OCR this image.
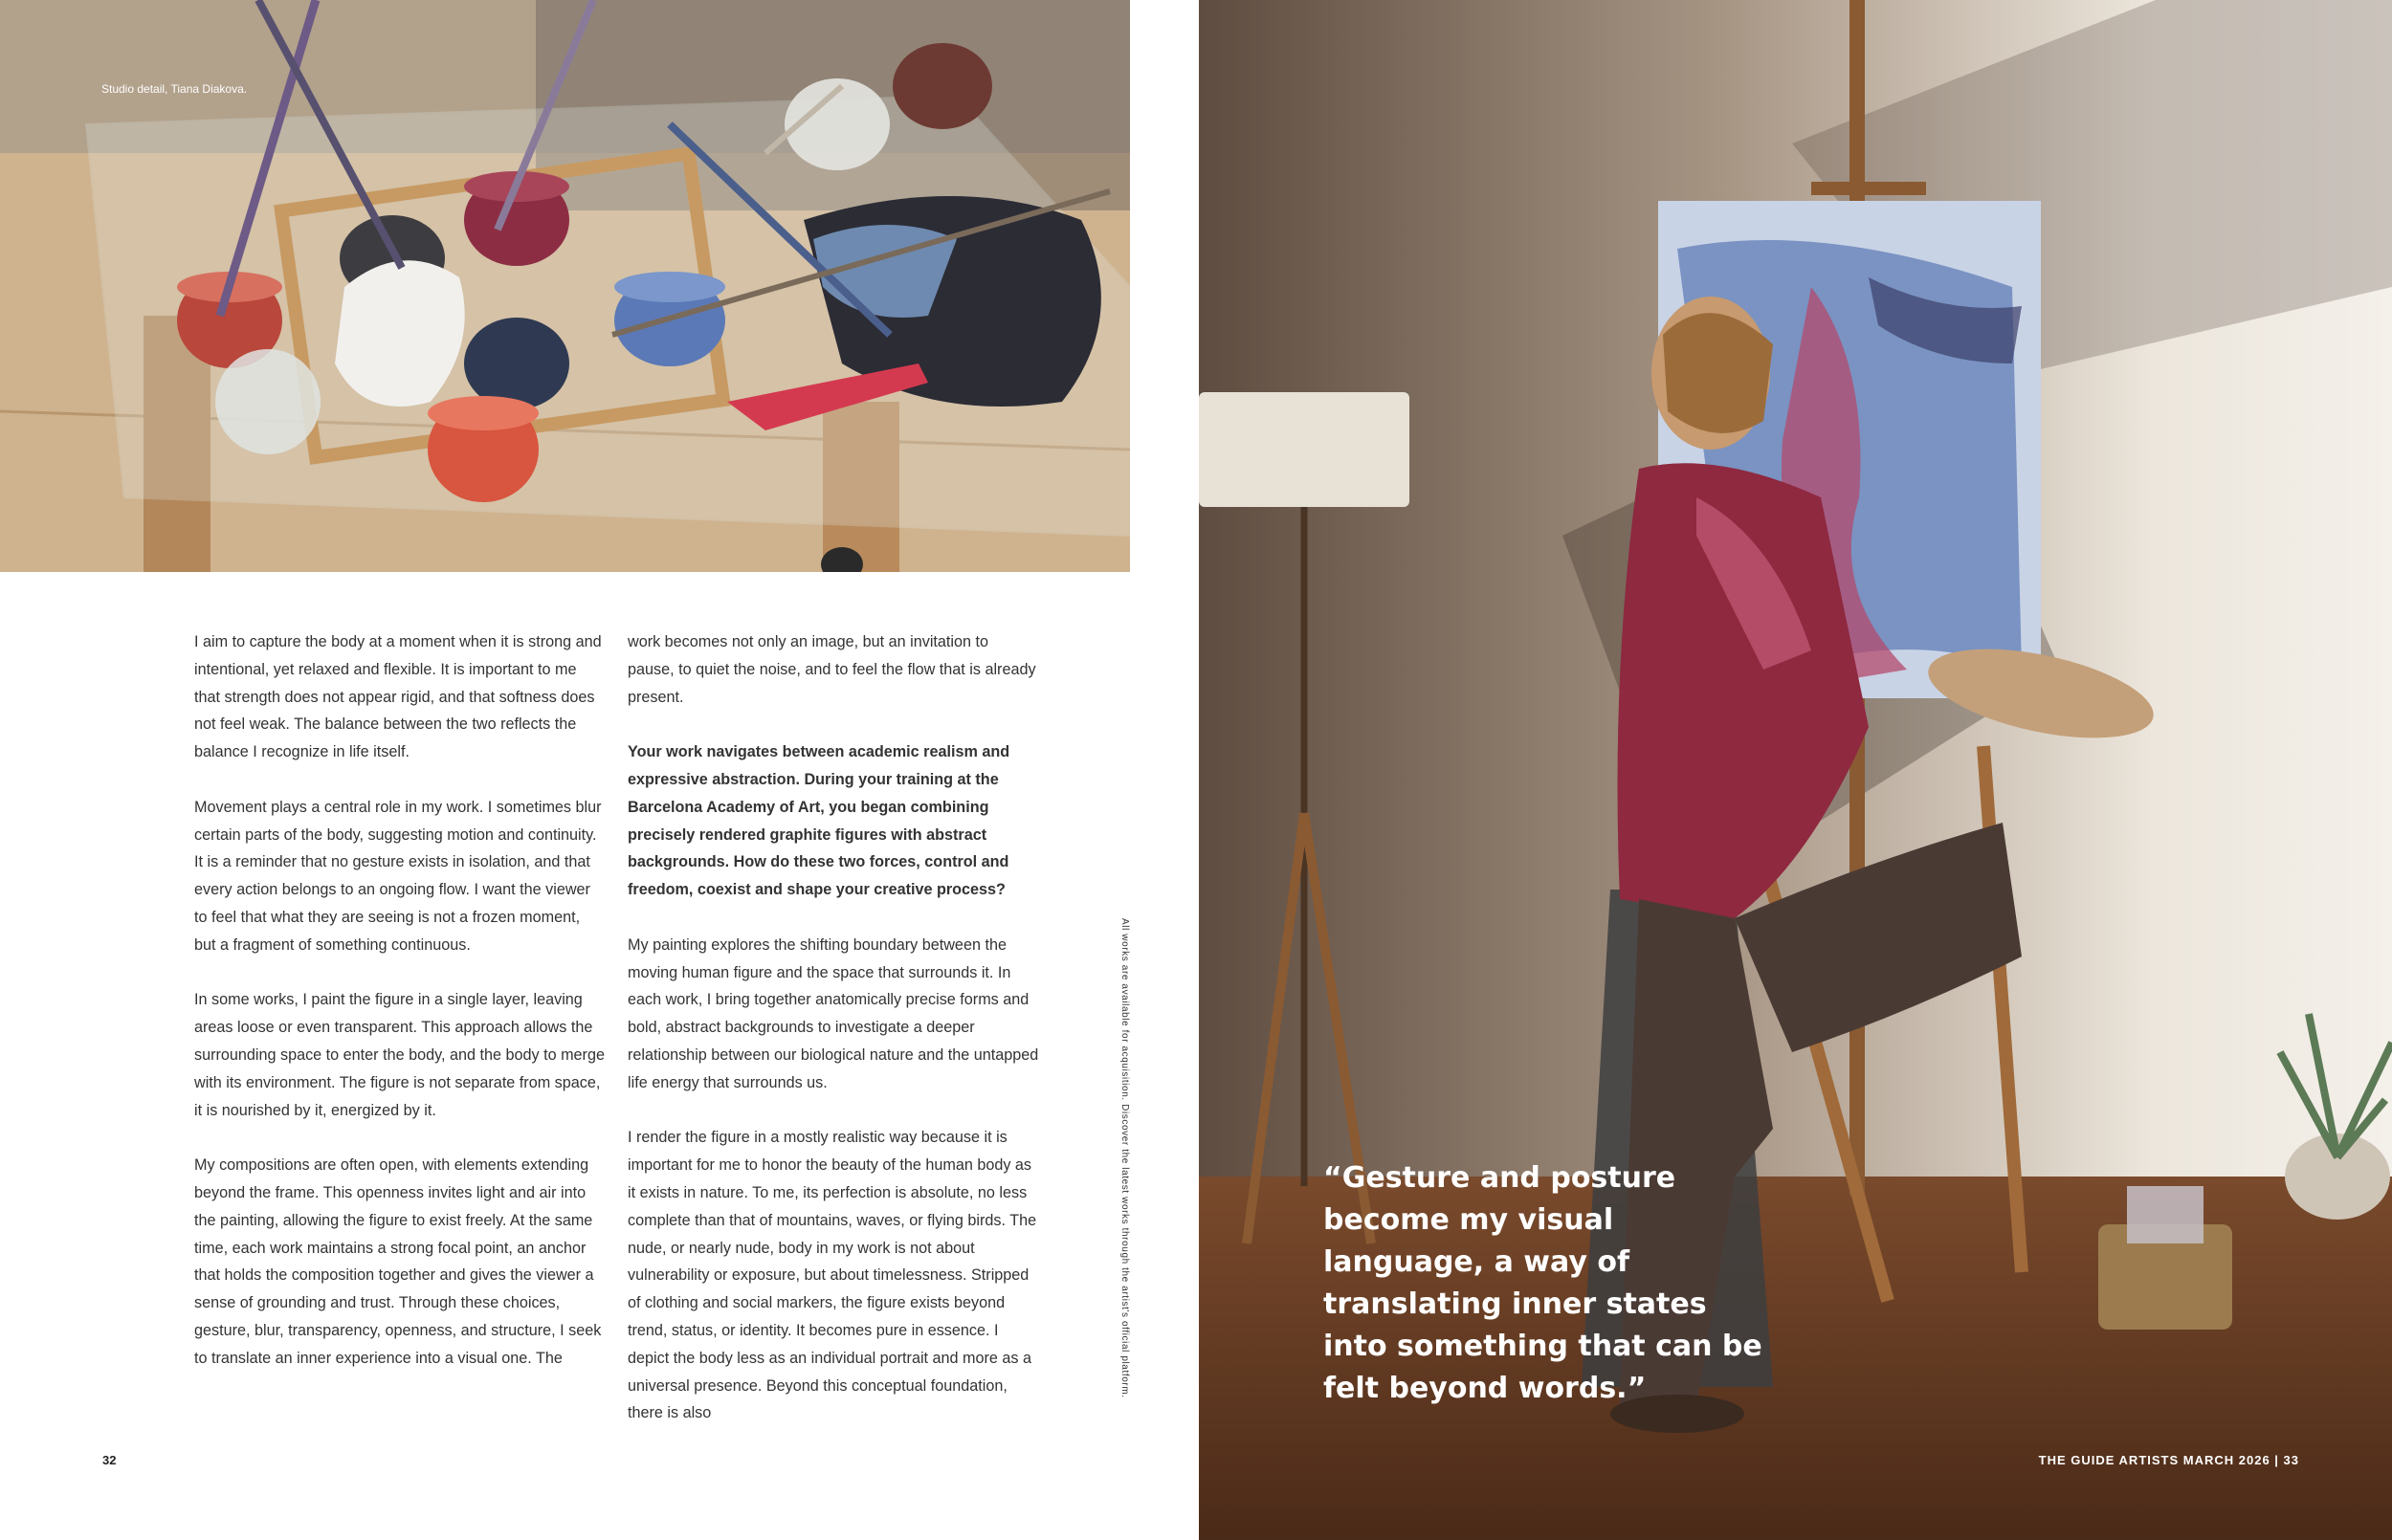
Studio detail, Tiana Diakova.

I aim to capture the body at a moment when it is strong and intentional, yet relaxed and flexible. It is important to me that strength does not appear rigid, and that softness does not feel weak. The balance between the two reflects the balance I recognize in life itself.

Movement plays a central role in my work. I sometimes blur certain parts of the body, suggesting motion and continuity. It is a reminder that no gesture exists in isolation, and that every action belongs to an ongoing flow. I want the viewer to feel that what they are seeing is not a frozen moment, but a fragment of something continuous.

In some works, I paint the figure in a single layer, leaving areas loose or even transparent. This approach allows the surrounding space to enter the body, and the body to merge with its environment. The figure is not separate from space, it is nourished by it, energized by it.

My compositions are often open, with elements extending beyond the frame. This openness invites light and air into the painting, allowing the figure to exist freely. At the same time, each work maintains a strong focal point, an anchor that holds the composition together and gives the viewer a sense of grounding and trust. Through these choices, gesture, blur, transparency, openness, and structure, I seek to translate an inner experience into a visual one. The

work becomes not only an image, but an invitation to pause, to quiet the noise, and to feel the flow that is already present.

Your work navigates between academic realism and expressive abstraction. During your training at the Barcelona Academy of Art, you began combining precisely rendered graphite figures with abstract backgrounds. How do these two forces, control and freedom, coexist and shape your creative process?

My painting explores the shifting boundary between the moving human figure and the space that surrounds it. In each work, I bring together anatomically precise forms and bold, abstract backgrounds to investigate a deeper relationship between our biological nature and the untapped life energy that surrounds us.

I render the figure in a mostly realistic way because it is important for me to honor the beauty of the human body as it exists in nature. To me, its perfection is absolute, no less complete than that of mountains, waves, or flying birds. The nude, or nearly nude, body in my work is not about vulnerability or exposure, but about timelessness. Stripped of clothing and social markers, the figure exists beyond trend, status, or identity. It becomes pure in essence. I depict the body less as an individual portrait and more as a universal presence. Beyond this conceptual foundation, there is also

All works are available for acquisition. Discover the latest works through the artist's official platform.
32
“Gesture and posture become my visual language, a way of translating inner states into something that can be felt beyond words.”
THE GUIDE ARTISTS MARCH 2026 | 33
